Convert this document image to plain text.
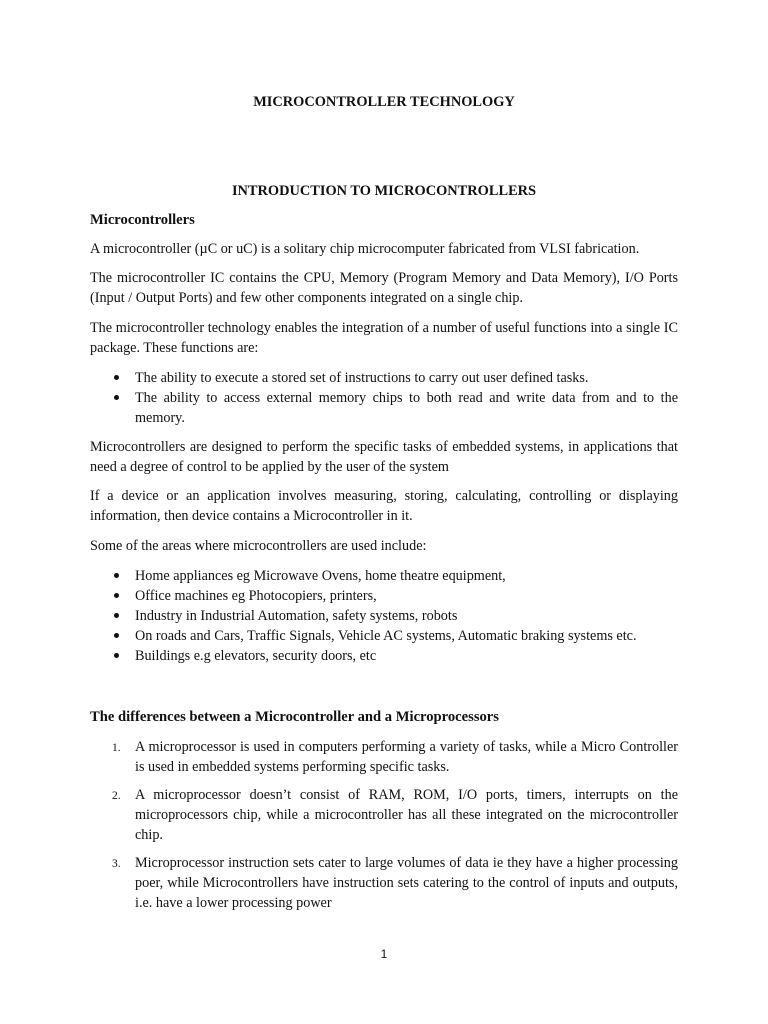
MICROCONTROLLER TECHNOLOGY
INTRODUCTION TO MICROCONTROLLERS
Microcontrollers

A microcontroller (µC or uC) is a solitary chip microcomputer fabricated from VLSI fabrication.

The microcontroller IC contains the CPU, Memory (Program Memory and Data Memory), I/O Ports (Input / Output Ports) and few other components integrated on a single chip.

The microcontroller technology enables the integration of a number of useful functions into a single IC package. These functions are:

The ability to execute a stored set of instructions to carry out user defined tasks.
The ability to access external memory chips to both read and write data from and to the memory.

Microcontrollers are designed to perform the specific tasks of embedded systems, in applications that need a degree of control to be applied by the user of the system

If a device or an application involves measuring, storing, calculating, controlling or displaying information, then device contains a Microcontroller in it.

Some of the areas where microcontrollers are used include:

Home appliances eg Microwave Ovens, home theatre equipment,
Office machines eg Photocopiers, printers,
Industry in Industrial Automation, safety systems, robots
On roads and Cars, Traffic Signals, Vehicle AC systems, Automatic braking systems etc.
Buildings e.g elevators, security doors, etc
The differences between a Microcontroller and a Microprocessors
1. A microprocessor is used in computers performing a variety of tasks, while a Micro Controller is used in embedded systems performing specific tasks.
2. A microprocessor doesn’t consist of RAM, ROM, I/O ports, timers, interrupts on the microprocessors chip, while a microcontroller has all these integrated on the microcontroller chip.
3. Microprocessor instruction sets cater to large volumes of data ie they have a higher processing poer, while Microcontrollers have instruction sets catering to the control of inputs and outputs, i.e. have a lower processing power
1
